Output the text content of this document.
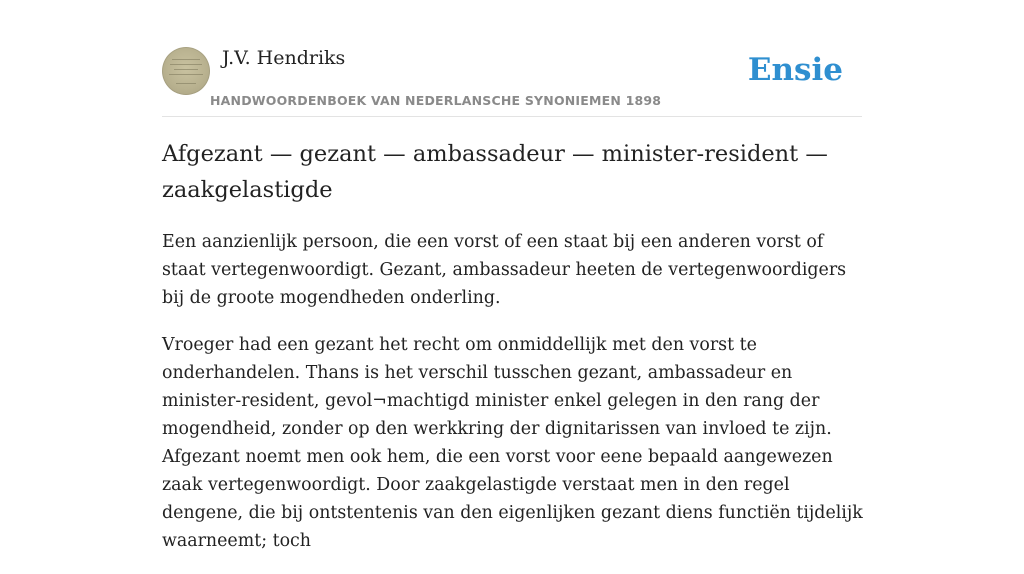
J.V. Hendriks
HANDWOORDENBOEK VAN NEDERLANSCHE SYNONIEMEN 1898
Ensie
Afgezant — gezant — ambassadeur — minister-resident — zaakgelastigde

Een aanzienlijk persoon, die een vorst of een staat bij een anderen vorst of staat vertegenwoordigt. Gezant, ambassadeur heeten de vertegenwoordigers bij de groote mogendheden onderling.

Vroeger had een gezant het recht om onmiddellijk met den vorst te onderhandelen. Thans is het verschil tusschen gezant, ambassadeur en minister-resident, gevol¬machtigd minister enkel gelegen in den rang der mogendheid, zonder op den werkkring der dignitarissen van invloed te zijn. Afgezant noemt men ook hem, die een vorst voor eene bepaald aangewezen zaak vertegenwoordigt. Door zaakgelastigde verstaat men in den regel dengene, die bij ontstentenis van den eigenlijken gezant diens functiën tijdelijk waarneemt; toch
